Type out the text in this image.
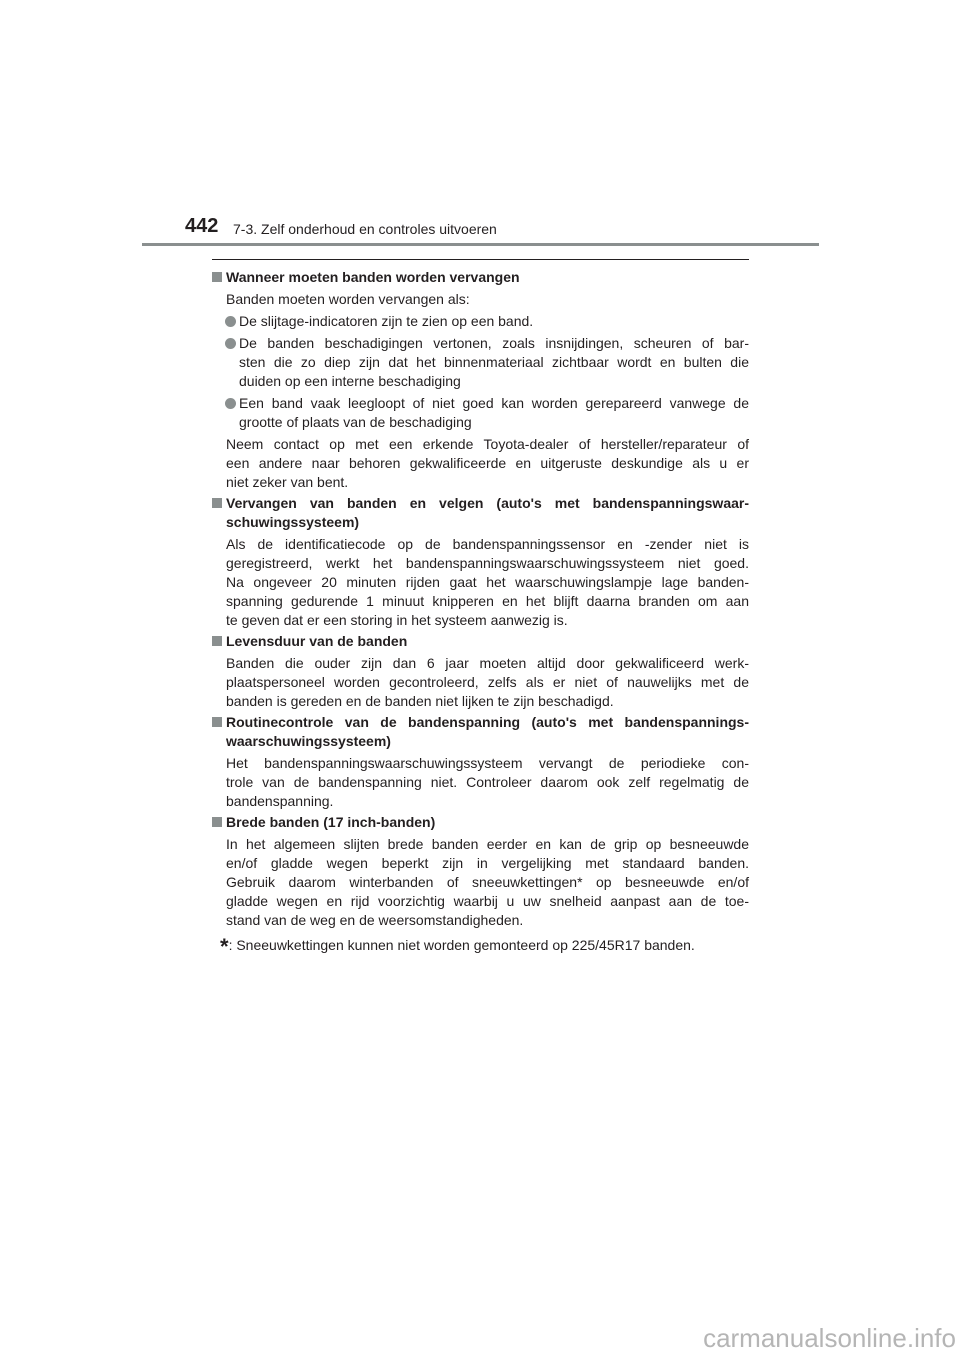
442 7-3. Zelf onderhoud en controles uitvoeren
Wanneer moeten banden worden vervangen
Banden moeten worden vervangen als:
De slijtage-indicatoren zijn te zien op een band.
De banden beschadigingen vertonen, zoals insnijdingen, scheuren of bar-
sten die zo diep zijn dat het binnenmateriaal zichtbaar wordt en bulten die
duiden op een interne beschadiging
Een band vaak leegloopt of niet goed kan worden gerepareerd vanwege de
grootte of plaats van de beschadiging
Neem contact op met een erkende Toyota-dealer of hersteller/reparateur of
een andere naar behoren gekwalificeerde en uitgeruste deskundige als u er
niet zeker van bent.
Vervangen van banden en velgen (auto's met bandenspanningswaar-
schuwingssysteem)
Als de identificatiecode op de bandenspanningssensor en -zender niet is
geregistreerd, werkt het bandenspanningswaarschuwingssysteem niet goed.
Na ongeveer 20 minuten rijden gaat het waarschuwingslampje lage banden-
spanning gedurende 1 minuut knipperen en het blijft daarna branden om aan
te geven dat er een storing in het systeem aanwezig is.
Levensduur van de banden
Banden die ouder zijn dan 6 jaar moeten altijd door gekwalificeerd werk-
plaatspersoneel worden gecontroleerd, zelfs als er niet of nauwelijks met de
banden is gereden en de banden niet lijken te zijn beschadigd.
Routinecontrole van de bandenspanning (auto's met bandenspannings-
waarschuwingssysteem)
Het bandenspanningswaarschuwingssysteem vervangt de periodieke con-
trole van de bandenspanning niet. Controleer daarom ook zelf regelmatig de
bandenspanning.
Brede banden (17 inch-banden)
In het algemeen slijten brede banden eerder en kan de grip op besneeuwde
en/of gladde wegen beperkt zijn in vergelijking met standaard banden.
Gebruik daarom winterbanden of sneeuwkettingen* op besneeuwde en/of
gladde wegen en rijd voorzichtig waarbij u uw snelheid aanpast aan de toe-
stand van de weg en de weersomstandigheden.
*: Sneeuwkettingen kunnen niet worden gemonteerd op 225/45R17 banden.
carmanualsonline.info
